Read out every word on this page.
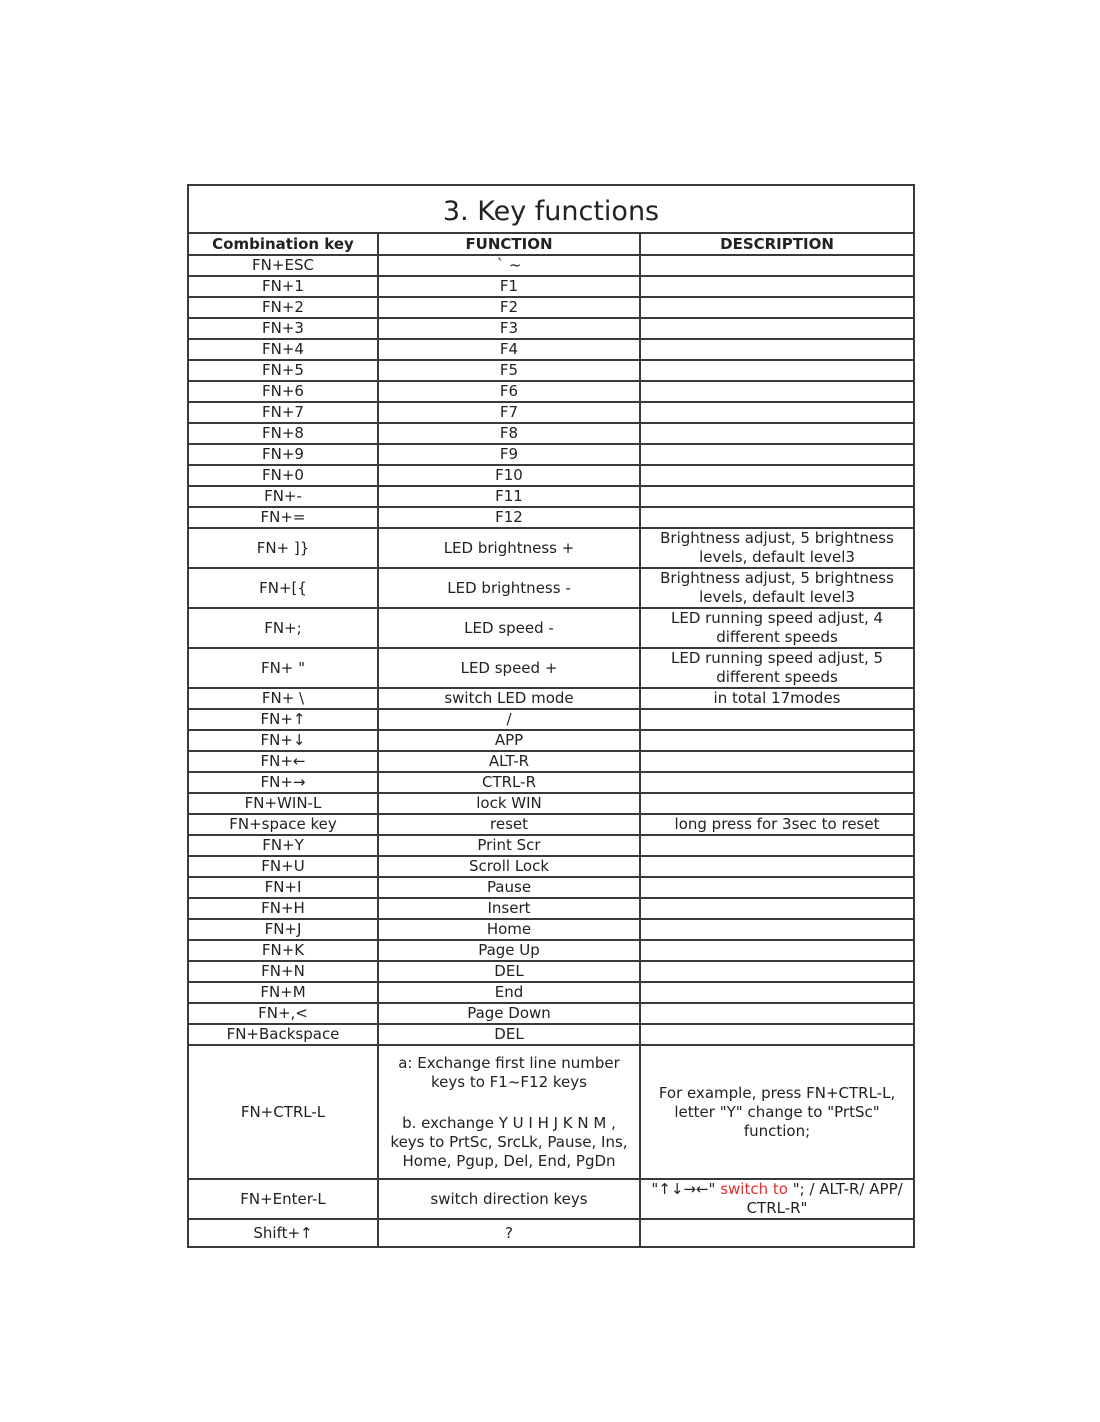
3. Key functions		
Combination key	FUNCTION	DESCRIPTION
FN+ESC	` ~	
FN+1	F1	
FN+2	F2	
FN+3	F3	
FN+4	F4	
FN+5	F5	
FN+6	F6	
FN+7	F7	
FN+8	F8	
FN+9	F9	
FN+0	F10	
FN+-	F11	
FN+=	F12	
FN+ ]}	LED brightness +	Brightness adjust, 5 brightness levels, default level3
FN+[{	LED brightness -	Brightness adjust, 5 brightness levels, default level3
FN+;	LED speed -	LED running speed adjust, 4 different speeds
FN+ "	LED speed +	LED running speed adjust, 5 different speeds
FN+ \	switch LED mode	in total 17modes
FN+↑	/	
FN+↓	APP	
FN+←	ALT-R	
FN+→	CTRL-R	
FN+WIN-L	lock WIN	
FN+space key	reset	long press for 3sec to reset
FN+Y	Print Scr	
FN+U	Scroll Lock	
FN+I	Pause	
FN+H	Insert	
FN+J	Home	
FN+K	Page Up	
FN+N	DEL	
FN+M	End	
FN+,<	Page Down	
FN+Backspace	DEL	
FN+CTRL-L	a: Exchange first line number keys to F1~F12 keys
b. exchange Y U I H J K N M , keys to PrtSc, SrcLk, Pause, Ins, Home, Pgup, Del, End, PgDn	For example, press FN+CTRL-L, letter "Y" change to "PrtSc" function;
FN+Enter-L	switch direction keys	"↑↓→←" switch to "; / ALT-R/ APP/ CTRL-R"
Shift+↑	?	
